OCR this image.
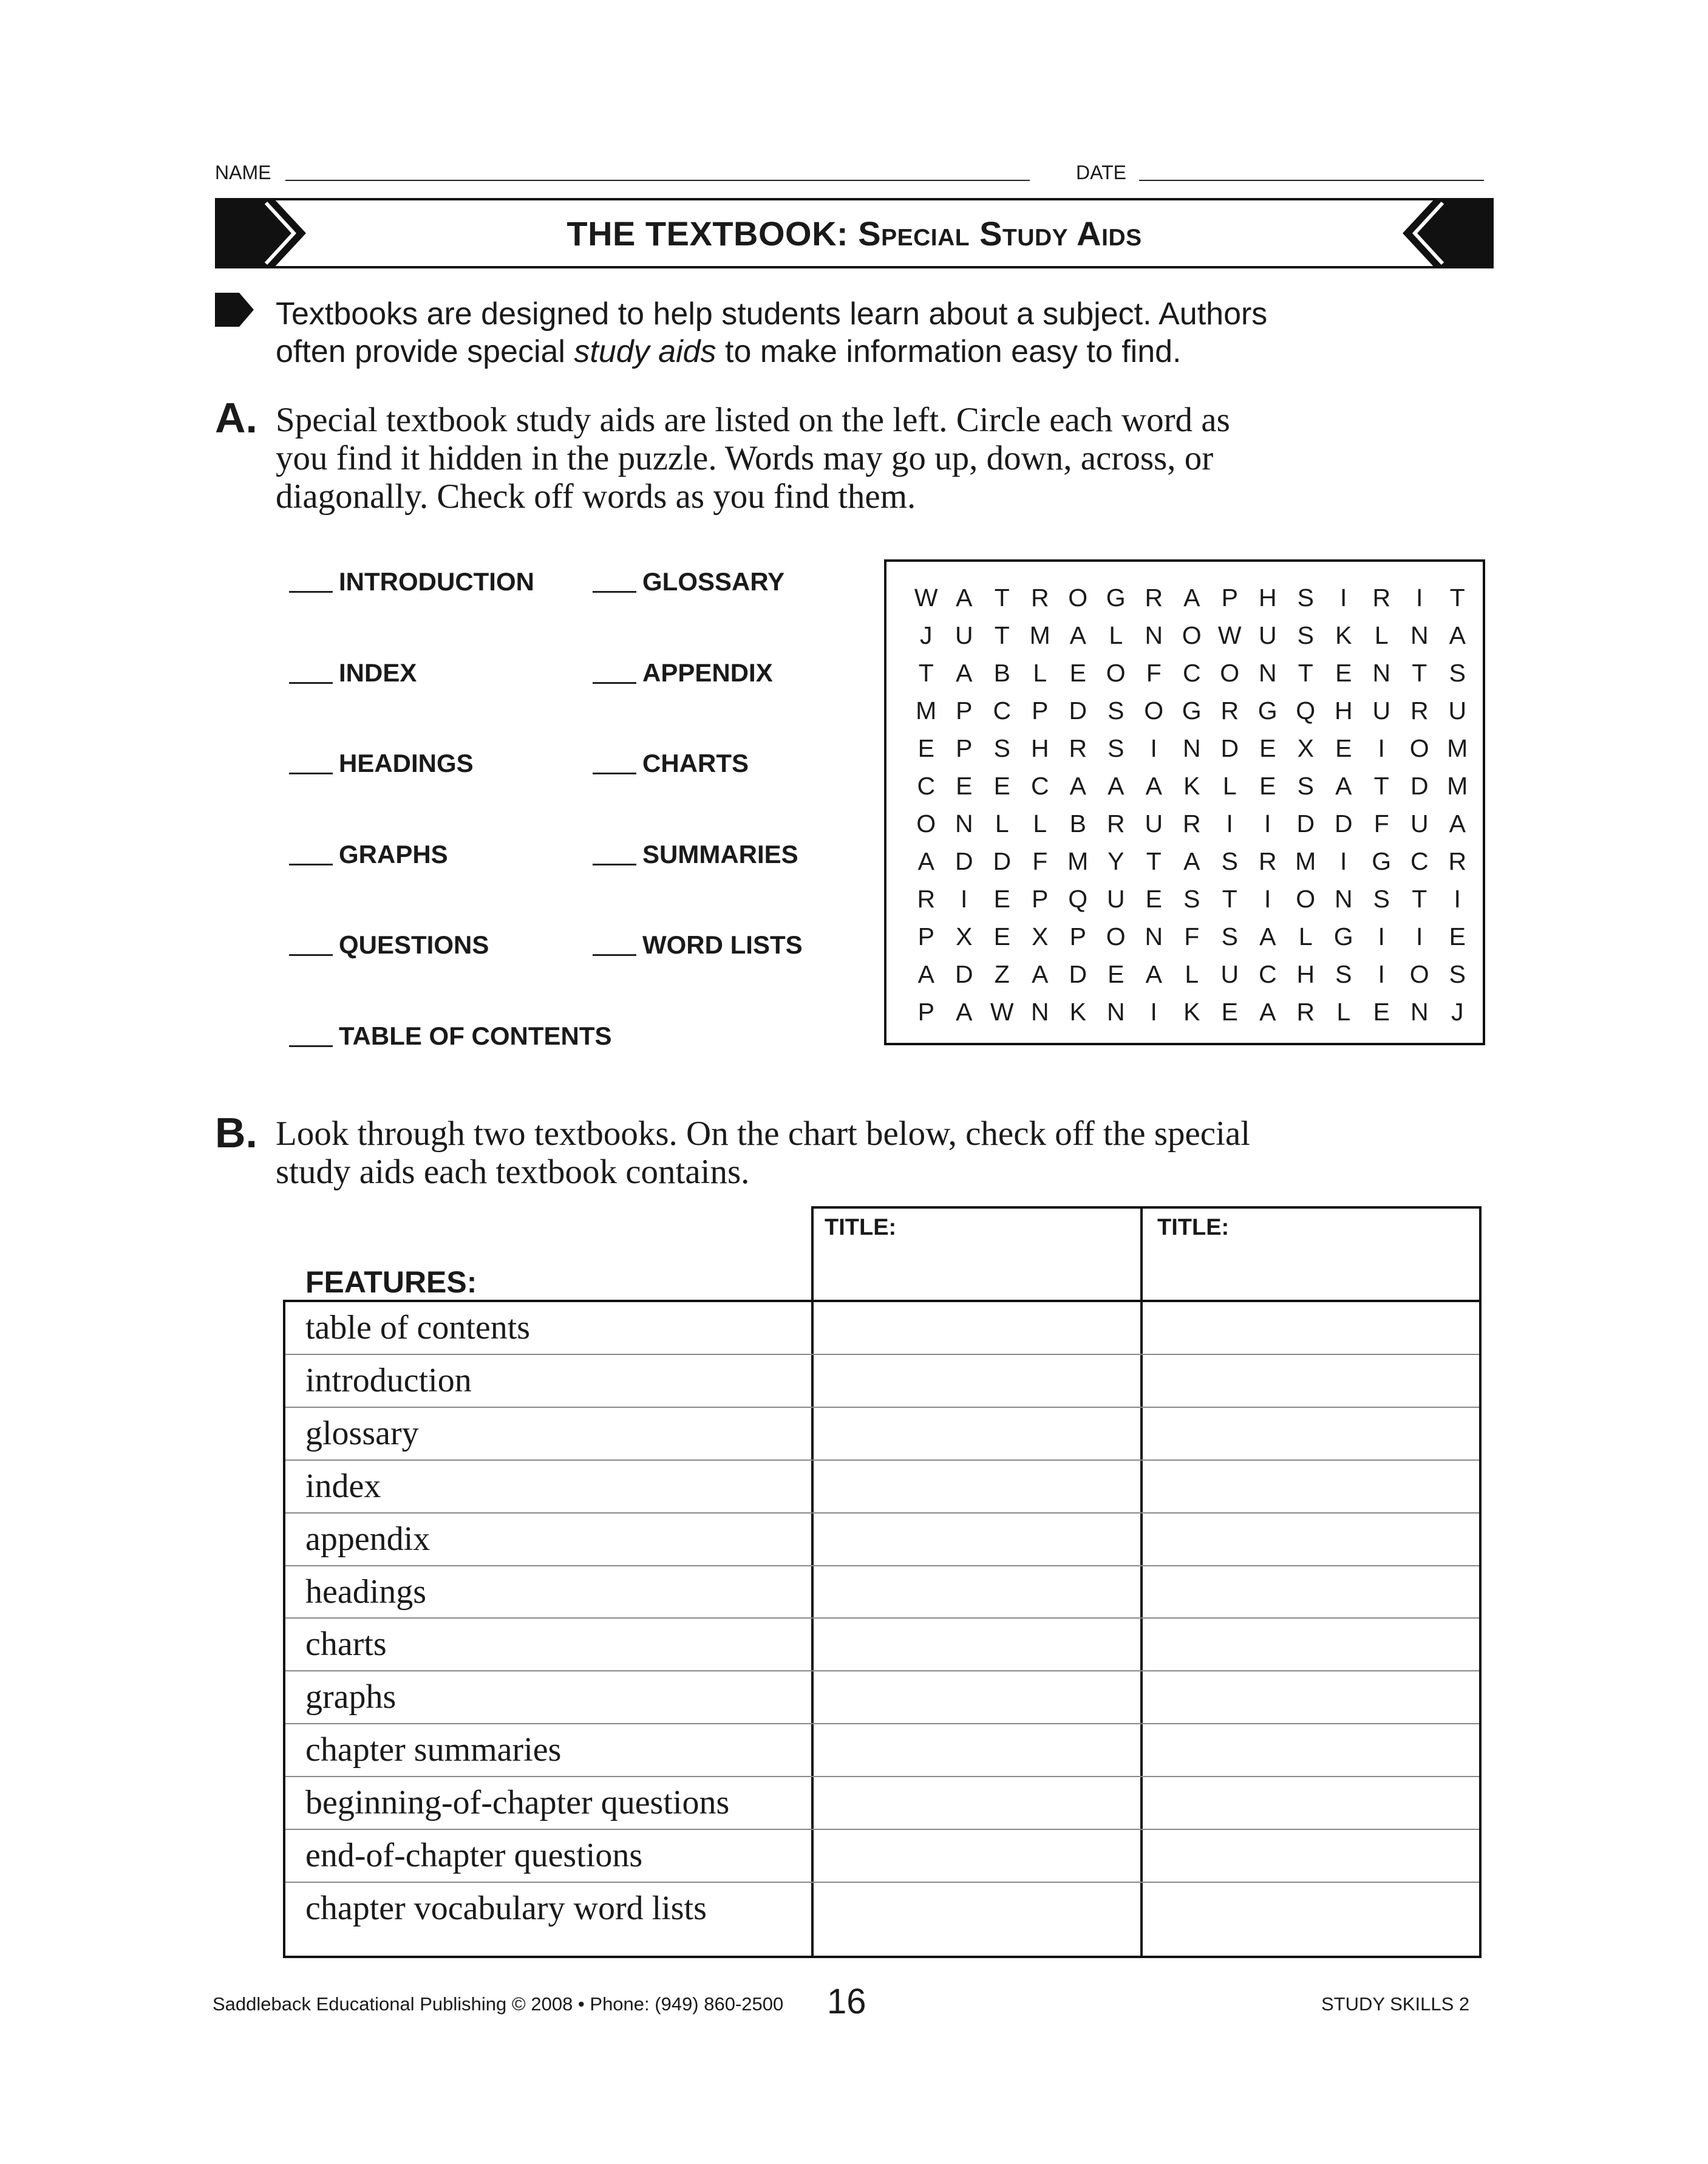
NAME	DATE
THE TEXTBOOK: Special Study Aids
Textbooks are designed to help students learn about a subject. Authors
often provide special study aids to make information easy to find.
A. Special textbook study aids are listed on the left. Circle each word as
you find it hidden in the puzzle. Words may go up, down, across, or
diagonally. Check off words as you find them.
INTRODUCTION
INDEX
HEADINGS
GRAPHS
QUESTIONS
TABLE OF CONTENTS
GLOSSARY
APPENDIX
CHARTS
SUMMARIES
WORD LISTS
W A T R O G R A P H S	I	R	I	T
J U T M A L N O W U S K L N A
T A B L E O F C O N T E N T S
M P C P D S O G R G Q H U R U
E P S H R S	I	N D E X E	I O M
C E E C A A A K L E S A T D M
O N L L B R U R	I	I	D D F U A
A D D F M Y T A S R M I G C R
R	I	E P Q U E S T	I O N S T	I
P X E X P O N F S A L G I	I	E
A D Z A D E A L U C H S	I O S
P A W N K N	I	K E A R L E N J
B. Look through two textbooks. On the chart below, check off the special
study aids each textbook contains.
TITLE:	TITLE:
FEATURES:
table of contents
introduction
glossary
index
appendix
headings
charts
graphs
chapter summaries
beginning-of-chapter questions
end-of-chapter questions
chapter vocabulary word lists
Saddleback Educational Publishing © 2008 • Phone: (949) 860-2500 16	STUDY SKILLS 2
